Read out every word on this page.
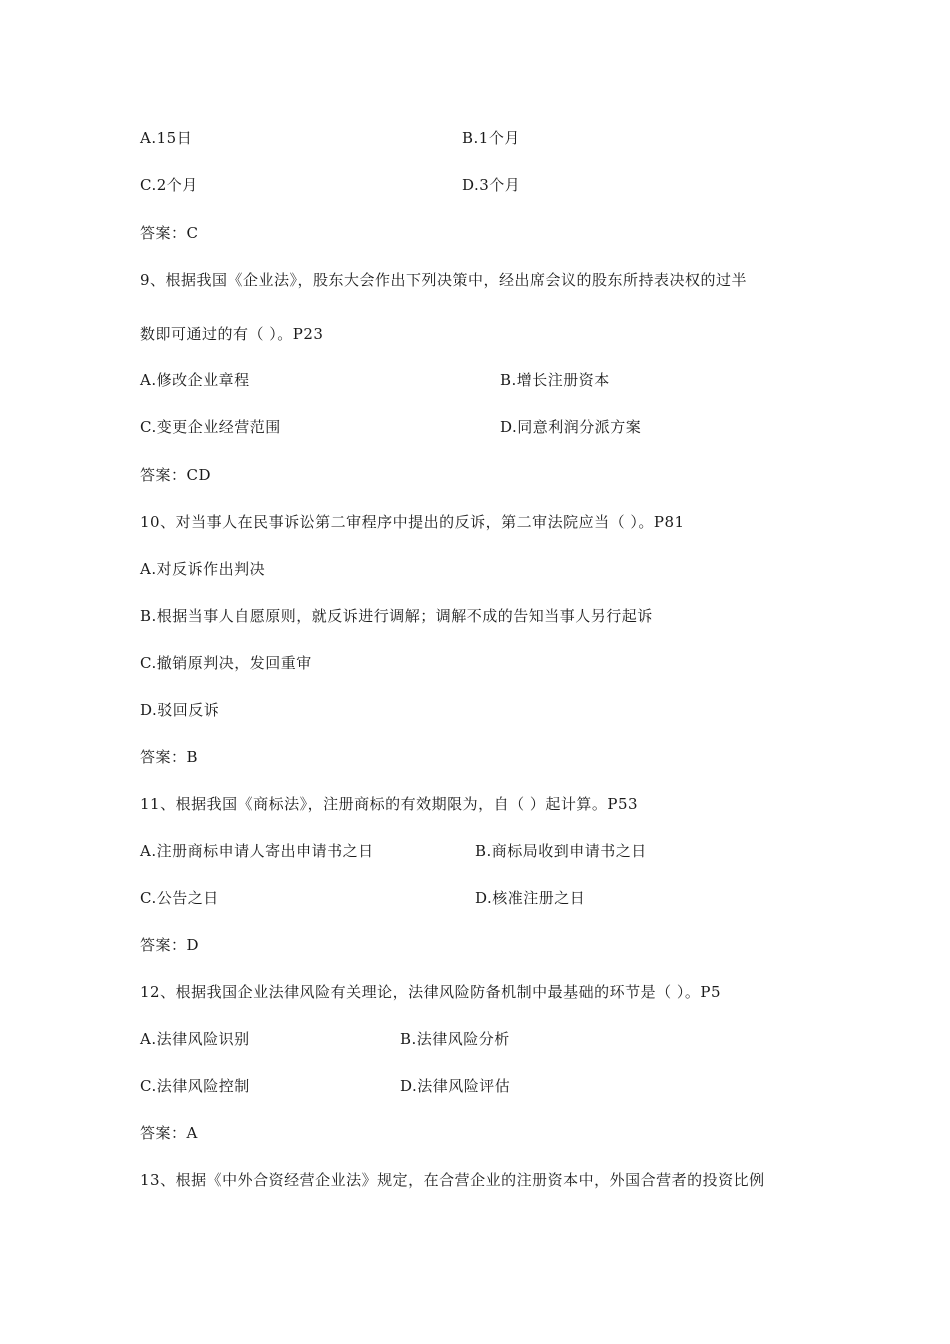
A.15日	B.1个月
C.2个月	D.3个月
答案：C
9、根据我国《企业法》，股东大会作出下列决策中，经出席会议的股东所持表决权的过半
数即可通过的有（ ）。P23
A.修改企业章程	B.增长注册资本
C.变更企业经营范围	D.同意利润分派方案
答案：CD
10、对当事人在民事诉讼第二审程序中提出的反诉，第二审法院应当（ ）。P81
A.对反诉作出判决
B.根据当事人自愿原则，就反诉进行调解；调解不成的告知当事人另行起诉
C.撤销原判决，发回重审
D.驳回反诉
答案：B
11、根据我国《商标法》，注册商标的有效期限为，自（ ）起计算。P53
A.注册商标申请人寄出申请书之日	B.商标局收到申请书之日
C.公告之日	D.核准注册之日
答案：D
12、根据我国企业法律风险有关理论，法律风险防备机制中最基础的环节是（ ）。P5
A.法律风险识别	B.法律风险分析
C.法律风险控制	D.法律风险评估
答案：A
13、根据《中外合资经营企业法》规定，在合营企业的注册资本中，外国合营者的投资比例
